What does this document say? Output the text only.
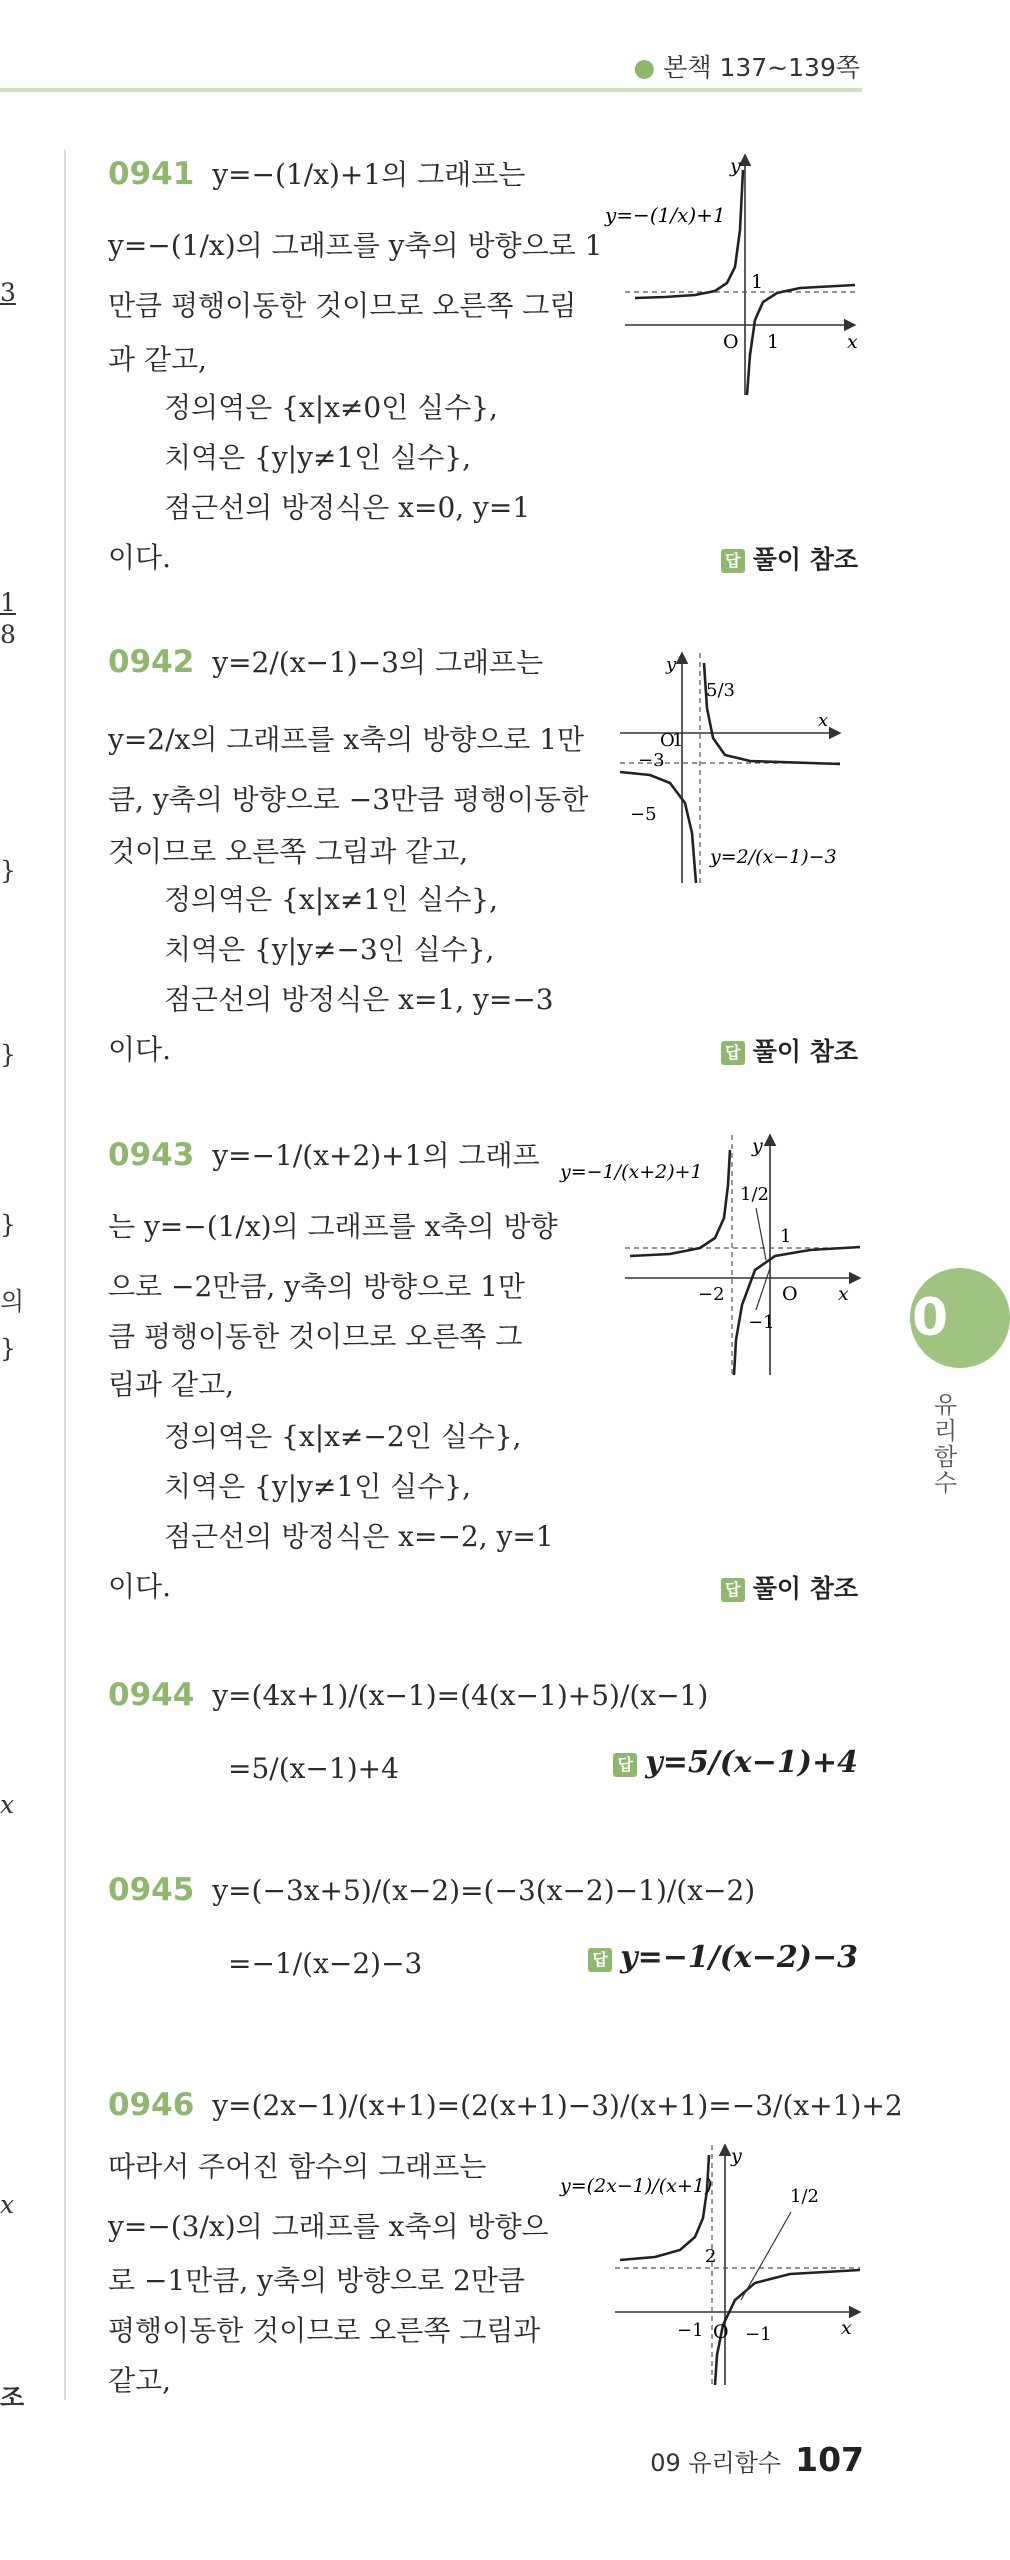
● 본책 137~139쪽
3
1
8
}
}
}
의
}
x
x
조
0
유리함수
0941 y=−(1/x)+1의 그래프는
y=−(1/x)의 그래프를 y축의 방향으로 1
만큼 평행이동한 것이므로 오른쪽 그림
과 같고,
정의역은 {x|x≠0인 실수},
치역은 {y|y≠1인 실수},
점근선의 방정식은 x=0, y=1
이다.	답 풀이 참조
y=−(1/x)+1
1
1
O	x
y
0942 y=2/(x−1)−3의 그래프는
y=2/x의 그래프를 x축의 방향으로 1만
큼, y축의 방향으로 −3만큼 평행이동한
것이므로 오른쪽 그림과 같고,
정의역은 {x|x≠1인 실수},
치역은 {y|y≠−3인 실수},
점근선의 방정식은 x=1, y=−3
이다.	답 풀이 참조
1
5/3
−3
−5
O
x
y
y=2/(x−1)−3
0943 y=−1/(x+2)+1의 그래프
는 y=−(1/x)의 그래프를 x축의 방향
으로 −2만큼, y축의 방향으로 1만
큼 평행이동한 것이므로 오른쪽 그
림과 같고,
정의역은 {x|x≠−2인 실수},
치역은 {y|y≠1인 실수},
점근선의 방정식은 x=−2, y=1
이다.	답 풀이 참조
y=−1/(x+2)+1
1/2
1
−2
−1
O x
y
0944 y=(4x+1)/(x−1)=(4(x−1)+5)/(x−1)
=5/(x−1)+4	답 y=5/(x−1)+4
0945 y=(−3x+5)/(x−2)=(−3(x−2)−1)/(x−2)
=−1/(x−2)−3	답 y=−1/(x−2)−3
0946 y=(2x−1)/(x+1)=(2(x+1)−3)/(x+1)=−3/(x+1)+2
따라서 주어진 함수의 그래프는
y=−(3/x)의 그래프를 x축의 방향으
로 −1만큼, y축의 방향으로 2만큼
평행이동한 것이므로 오른쪽 그림과
같고,
y=(2x−1)/(x+1)	1/2
2
−1 −1
O	x
y
09 유리함수 107
